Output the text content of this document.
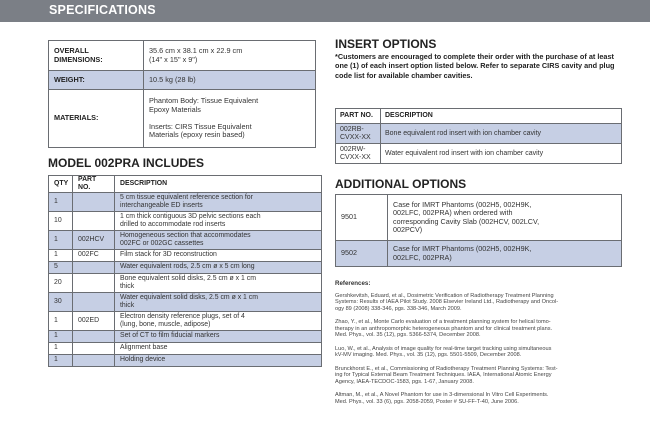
SPECIFICATIONS
OVERALL DIMENSIONS:	35.6 cm x 38.1 cm x 22.9 cm
(14" x 15" x 9")
WEIGHT:	10.5 kg (28 lb)
MATERIALS:	Phantom Body: Tissue Equivalent
Epoxy Materials

Inserts: CIRS Tissue Equivalent
Materials (epoxy resin based)
MODEL 002PRA INCLUDES
QTY	PART NO.	DESCRIPTION
1		5 cm tissue equivalent reference section for
interchangeable ED inserts
10		1 cm thick contiguous 3D pelvic sections each
drilled to accommodate rod inserts
1	002HCV	Homogeneous section that accommodates
002FC or 002GC cassettes
1	002FC	Film stack for 3D reconstruction
5		Water equivalent rods, 2.5 cm ø x 5 cm long
20		Bone equivalent solid disks, 2.5 cm ø x 1 cm
thick
30		Water equivalent solid disks, 2.5 cm ø x 1 cm
thick
1	002ED	Electron density reference plugs, set of 4
(lung, bone, muscle, adipose)
1		Set of CT to film fiducial markers
1		Alignment base
1		Holding device
INSERT OPTIONS
*Customers are encouraged to complete their order with the purchase of at least one (1) of each insert option listed below. Refer to separate CIRS cavity and plug code list for available chamber cavities.
PART NO.	DESCRIPTION
002RB-
CVXX-XX	Bone equivalent rod insert with ion chamber cavity
002RW-
CVXX-XX	Water equivalent rod insert with ion chamber cavity
ADDITIONAL OPTIONS
9501	Case for IMRT Phantoms (002H5, 002H9K,
002LFC, 002PRA) when ordered with
corresponding Cavity Slab (002HCV, 002LCV,
002PCV)
9502	Case for IMRT Phantoms (002H5, 002H9K,
002LFC, 002PRA)
References:

Gershkevitsh, Eduard, et al., Dosimetric Verification of Radiotherapy Treatment Planning
Systems: Results of IAEA Pilot Study. 2008 Elsevier Ireland Ltd., Radiotherapy and Oncol-
ogy 89 (2008) 338-346, pgs. 338-346, March 2009.

Zhao, Y., et al., Monte Carlo evaluation of a treatment planning system for helical tomo-
therapy in an anthropomorphic heterogeneous phantom and for clinical treatment plans.
Med. Phys., vol. 35 (12), pgs. 5366-5374, December 2008.

Luo, W., et al., Analysis of image quality for real-time target tracking using simultaneous
kV-MV imaging. Med. Phys., vol. 35 (12), pgs. 5501-5509, December 2008.

Brunckhorst E., et al., Commissioning of Radiotherapy Treatment Planning Systems: Test-
ing for Typical External Beam Treatment Techniques. IAEA, International Atomic Energy
Agency, IAEA-TECDOC-1583, pgs. 1-67, January 2008.

Altman, M., et al., A Novel Phantom for use in 3-dimensional In Vitro Cell Experiments.
Med. Phys., vol. 33 (6), pgs. 2058-2059, Poster # SU-FF-T-40, June 2006.
